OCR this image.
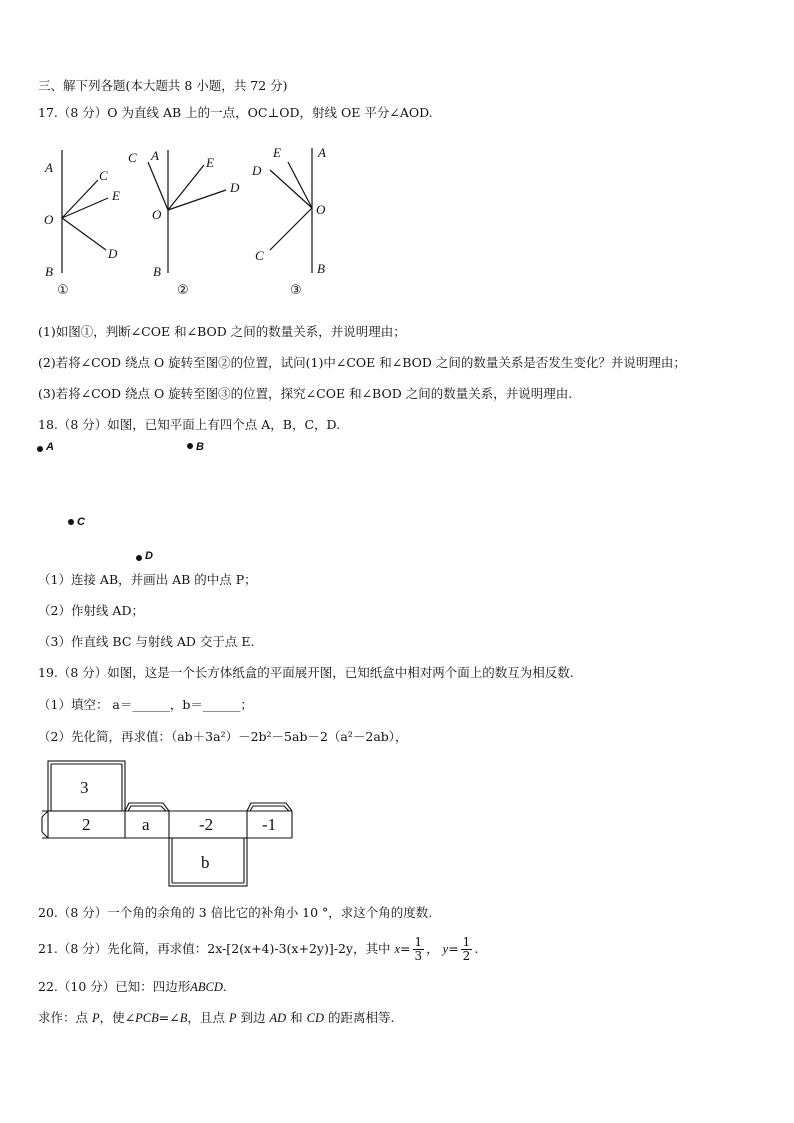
三、解下列各题(本大题共 8 小题，共 72 分)
17.（8 分）O 为直线 AB 上的一点，OC⊥OD，射线 OE 平分∠AOD.
A
C
E
O
D
B
①
C A	E
D
O
B
②
E	A
D
O
C
B
③
(1)如图①，判断∠COE 和∠BOD 之间的数量关系，并说明理由；
(2)若将∠COD 绕点 O 旋转至图②的位置，试问(1)中∠COE 和∠BOD 之间的数量关系是否发生变化？并说明理由；
(3)若将∠COD 绕点 O 旋转至图③的位置，探究∠COE 和∠BOD 之间的数量关系，并说明理由.
18.（8 分）如图，已知平面上有四个点 A，B，C，D.
A	B
C
D
（1）连接 AB，并画出 AB 的中点 P；
（2）作射线 AD；
（3）作直线 BC 与射线 AD 交于点 E.
19.（8 分）如图，这是一个长方体纸盒的平面展开图，已知纸盒中相对两个面上的数互为相反数.
（1）填空： a＝______，b＝______；
（2）先化简，再求值：（ab＋3a²）－2b²－5ab－2（a²－2ab），
3
2	a	-2	-1
b
20.（8 分）一个角的余角的 3 倍比它的补角小 10 °，求这个角的度数.
21.（8 分）先化简，再求值：2x-[2(x+4)-3(x+2y)]-2y，其中 $x= \frac{1}{3}$ ， $y= \frac{1}{2}$ .
22.（10 分）已知：四边形ABCD.
求作：点 P，使∠PCB=∠B，且点 P 到边 AD 和 CD 的距离相等.
